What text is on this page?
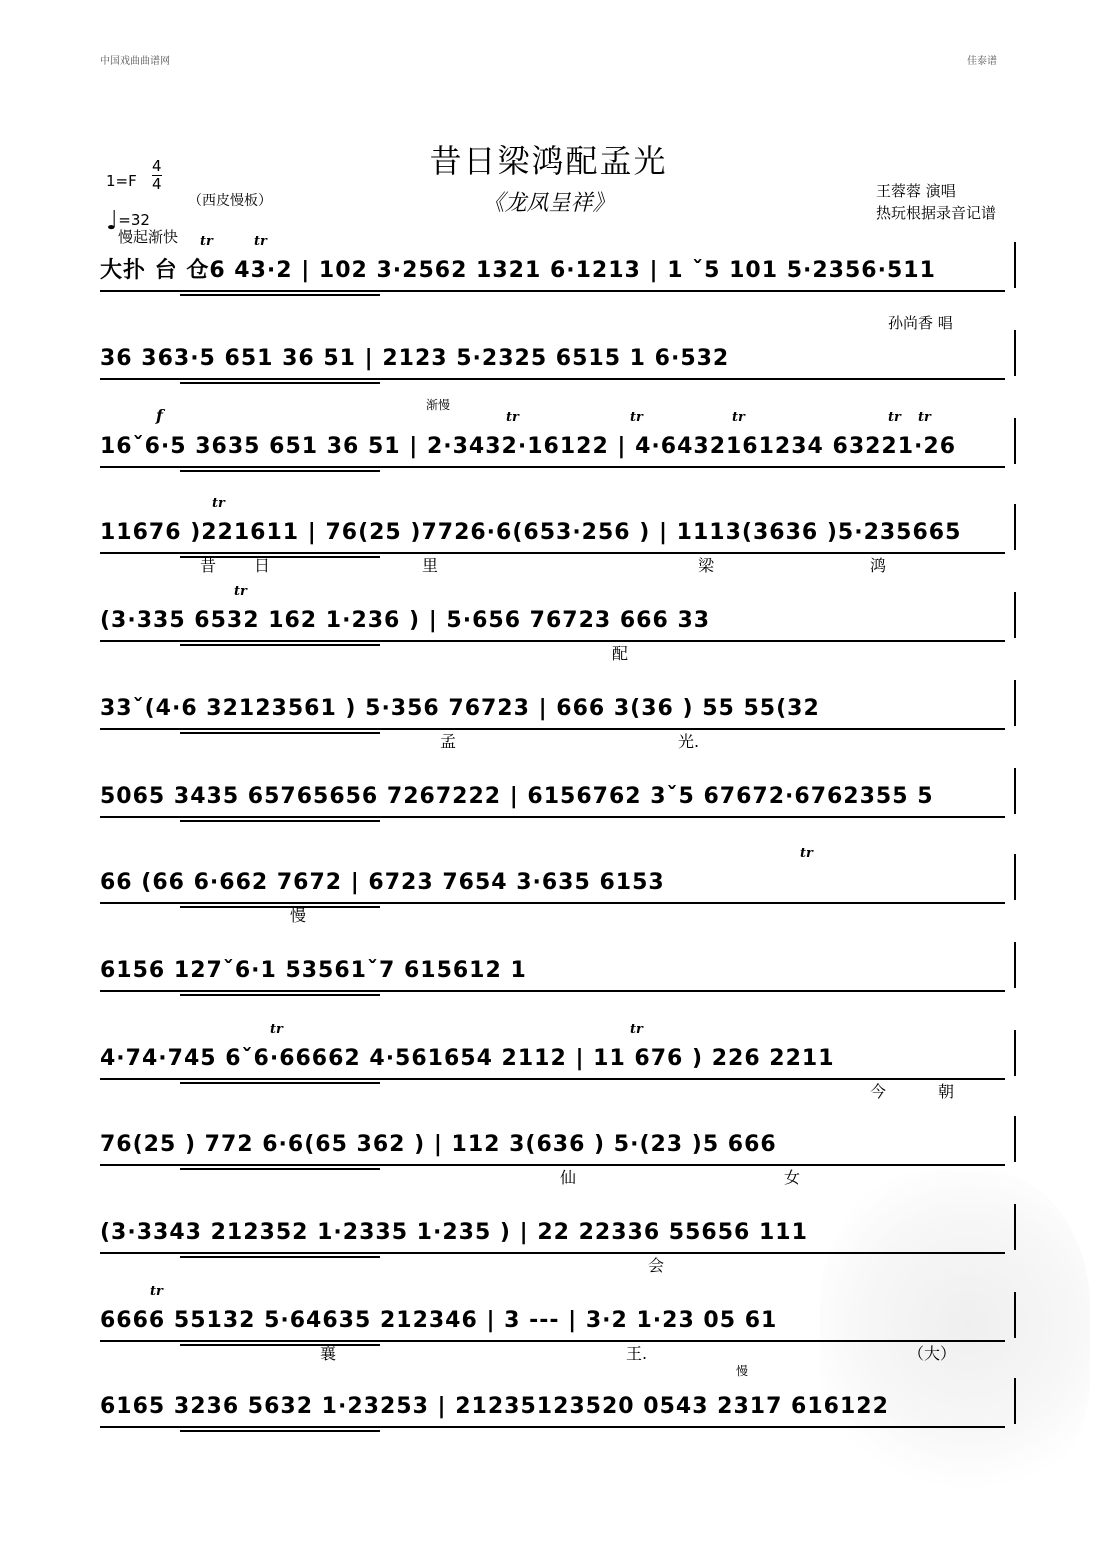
中国戏曲曲谱网	佳泰谱
昔日梁鸿配孟光
《龙凤呈祥》
1=F
4
4
♩=32
（西皮慢板）
慢起渐快
王蓉蓉 演唱
热玩根据录音记谱
孙尚香 唱
渐慢
f
慢
大扑 台 仓6 43·2 | 102 3·2562 1321 6·1213 | 1 ˇ5 101 5·2356·511
tr	tr
36 363·5 651 36 51 | 2123 5·2325 6515 1 6·532
16ˇ6·5 3635 651 36 51 | 2·3432·16122 | 4·6432161234 63221·26
tr	tr	tr	tr tr
11676 )221611 | 76(25 )7726·6(653·256 ) | 1113(3636 )5·235665
tr
昔 日	里	梁	鸿
(3·335 6532 162 1·236 ) | 5·656 76723 666 33
tr
配
33ˇ(4·6 32123561 ) 5·356 76723 | 666 3(36 ) 55 55(32
孟	光.
5065 3435 65765656 7267222 | 6156762 3ˇ5 67672·6762355 5
66 (66 6·662 7672 | 6723 7654 3·635 6153
tr
慢
6156 127ˇ6·1 53561ˇ7 615612 1
4·74·745 6ˇ6·66662 4·561654 2112 | 11 676 ) 226 2211
tr	tr
今	朝
76(25 ) 772 6·6(65 362 ) | 112 3(636 ) 5·(23 )5 666
仙	女
(3·3343 212352 1·2335 1·235 ) | 22 22336 55656 111
会
6666 55132 5·64635 212346 | 3 --- | 3·2 1·23 05 61
tr
襄	王.	（大）
6165 3236 5632 1·23253 | 21235123520 0543 2317 616122
